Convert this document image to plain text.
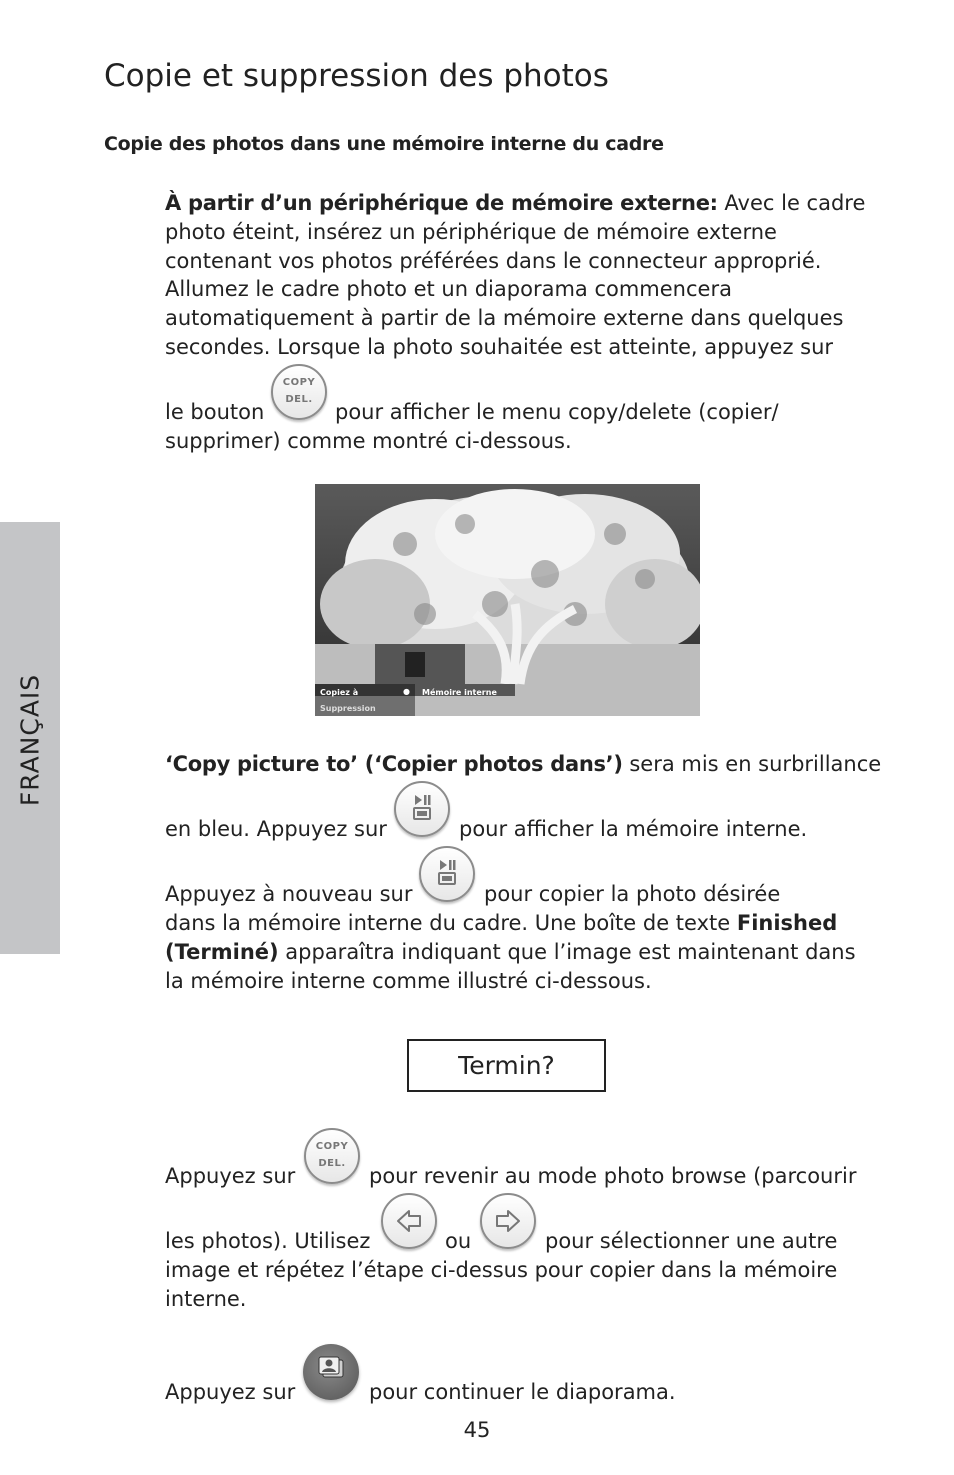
FRANÇAIS
Copie et suppression des photos
Copie des photos dans une mémoire interne du cadre
À partir d’un périphérique de mémoire externe: Avec le cadre
photo éteint, insérez un périphérique de mémoire externe
contenant vos photos préférées dans le connecteur approprié.
Allumez le cadre photo et un diaporama commencera
automatiquement à partir de la mémoire externe dans quelques
secondes. Lorsque la photo souhaitée est atteinte, appuyez sur
le bouton
COPY
DEL.
pour afficher le menu copy/delete (copier/
supprimer) comme montré ci-dessous.
Copiez à	● Mémoire interne
Suppression
‘Copy picture to’ (‘Copier photos dans’) sera mis en surbrillance
en bleu. Appuyez sur	pour afficher la mémoire interne.
Appuyez à nouveau sur	pour copier la photo désirée
dans la mémoire interne du cadre. Une boîte de texte Finished
(Terminé) apparaîtra indiquant que l’image est maintenant dans
la mémoire interne comme illustré ci-dessous.
Termin?
Appuyez sur
COPY
DEL.
pour revenir au mode photo browse (parcourir
les photos). Utilisez	ou	pour sélectionner une autre
image et répétez l’étape ci-dessus pour copier dans la mémoire
interne.
Appuyez sur	pour continuer le diaporama.
45
